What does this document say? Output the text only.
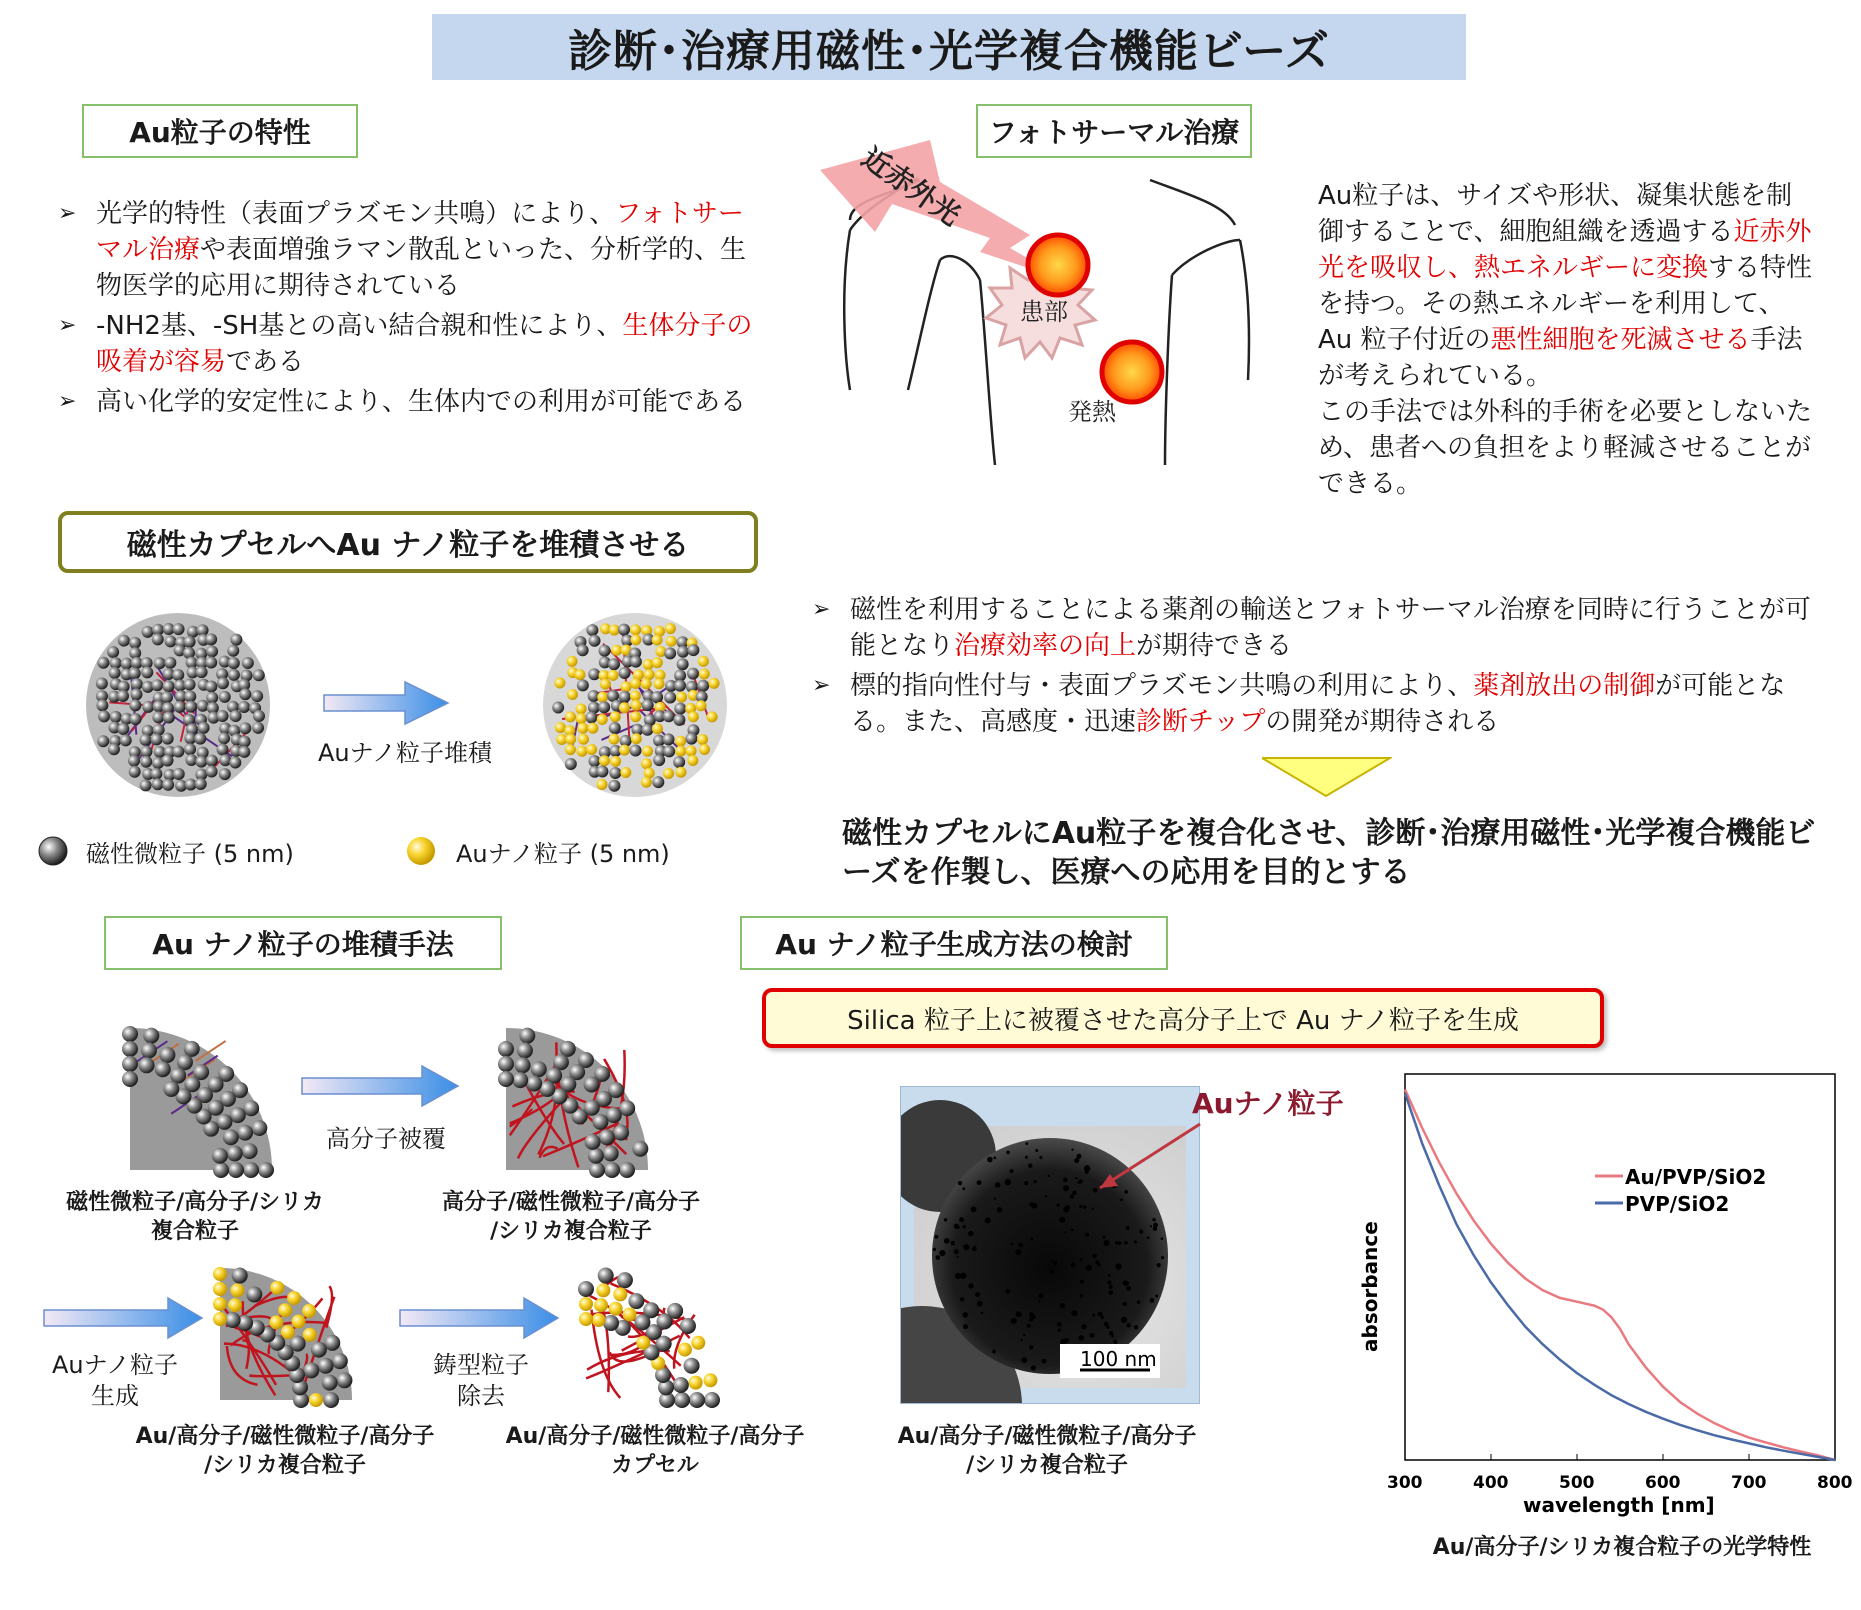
診断･治療用磁性･光学複合機能ビーズ
Au粒子の特性
➢ 光学的特性（表面プラズモン共鳴）により、フォトサーマル治療や表面増強ラマン散乱といった、分析学的、生物医学的応用に期待されている
➢ -NH2基、-SH基との高い結合親和性により、生体分子の吸着が容易である
➢ 高い化学的安定性により、生体内での利用が可能である
フォトサーマル治療
近赤外光
患部
発熱
Au粒子は、サイズや形状、凝集状態を制御することで、細胞組織を透過する近赤外光を吸収し、熱エネルギーに変換する特性を持つ。その熱エネルギーを利用して、Au 粒子付近の悪性細胞を死滅させる手法が考えられている。
この手法では外科的手術を必要としないため、患者への負担をより軽減させることができる。
磁性カプセルへAu ナノ粒子を堆積させる
Auナノ粒子堆積
磁性微粒子 (5 nm)	Auナノ粒子 (5 nm)
➢ 磁性を利用することによる薬剤の輸送とフォトサーマル治療を同時に行うことが可能となり治療効率の向上が期待できる
➢ 標的指向性付与・表面プラズモン共鳴の利用により、薬剤放出の制御が可能となる。また、高感度・迅速診断チップの開発が期待される
磁性カプセルにAu粒子を複合化させ、診断･治療用磁性･光学複合機能ビーズを作製し、医療への応用を目的とする
Au ナノ粒子の堆積手法
高分子被覆
磁性微粒子/高分子/シリカ
複合粒子
高分子/磁性微粒子/高分子
/シリカ複合粒子
Auナノ粒子
生成
鋳型粒子
除去
Au/高分子/磁性微粒子/高分子
/シリカ複合粒子
Au/高分子/磁性微粒子/高分子
カプセル
Au ナノ粒子生成方法の検討
Silica 粒子上に被覆させた高分子上で Au ナノ粒子を生成
100 nm
Auナノ粒子
Au/高分子/磁性微粒子/高分子
/シリカ複合粒子
300	400	500	600	700	800
absorbance
wavelength [nm]
Au/PVP/SiO2
PVP/SiO2
Au/高分子/シリカ複合粒子の光学特性
